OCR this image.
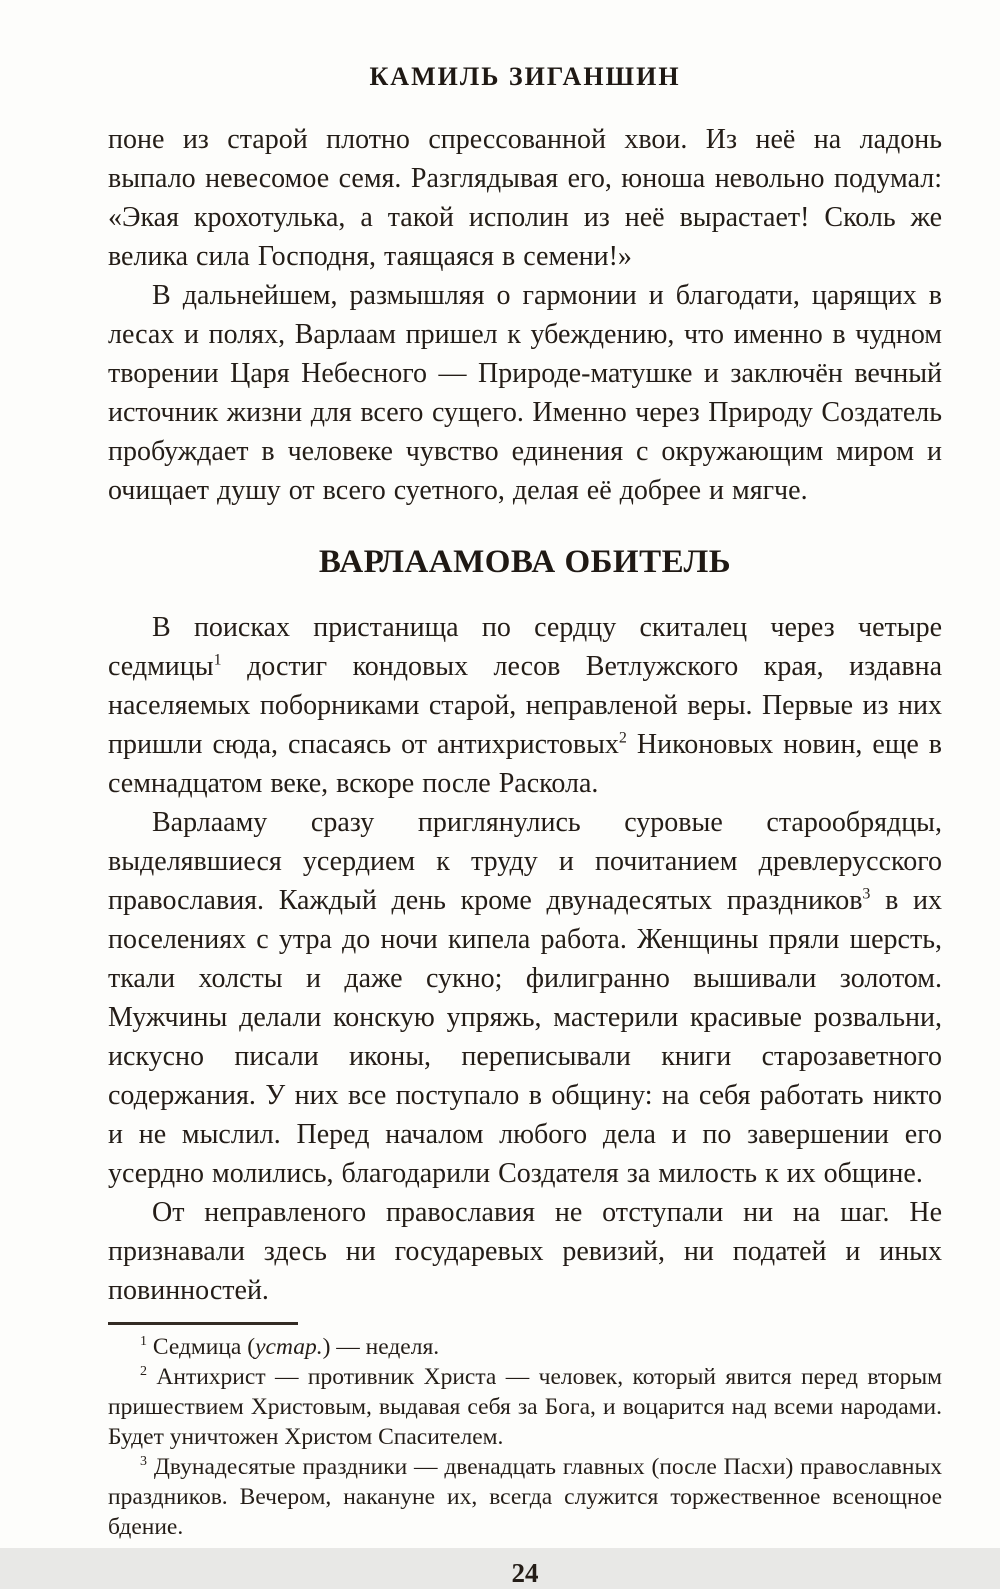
КАМИЛЬ ЗИГАНШИН

поне из старой плотно спрессованной хвои. Из неё на ладонь выпало невесомое семя. Разглядывая его, юноша невольно подумал: «Экая крохотулька, а такой исполин из неё вырастает! Сколь же велика сила Господня, таящаяся в семени!»

В дальнейшем, размышляя о гармонии и благодати, царящих в лесах и полях, Варлаам пришел к убеждению, что именно в чудном творении Царя Небесного — Природе-матушке и заключён вечный источник жизни для всего сущего. Именно через Природу Создатель пробуждает в человеке чувство единения с окружающим миром и очищает душу от всего суетного, делая её добрее и мягче.

ВАРЛААМОВА ОБИТЕЛЬ

В поисках пристанища по сердцу скиталец через четыре седмицы$^1$ достиг кондовых лесов Ветлужского края, издавна населяемых поборниками старой, неправленой веры. Первые из них пришли сюда, спасаясь от антихристовых$^2$ Никоновых новин, еще в семнадцатом веке, вскоре после Раскола.

Варлааму сразу приглянулись суровые старообрядцы, выделявшиеся усердием к труду и почитанием древлерусского православия. Каждый день кроме двунадесятых праздников$^3$ в их поселениях с утра до ночи кипела работа. Женщины пряли шерсть, ткали холсты и даже сукно; филигранно вышивали золотом. Мужчины делали конскую упряжь, мастерили красивые розвальни, искусно писали иконы, переписывали книги старозаветного содержания. У них все поступало в общину: на себя работать никто и не мыслил. Перед началом любого дела и по завершении его усердно молились, благодарили Создателя за милость к их общине.

От неправленого православия не отступали ни на шаг. Не признавали здесь ни государевых ревизий, ни податей и иных повинностей.

$^1$ Седмица (устар.) — неделя.

$^2$ Антихрист — противник Христа — человек, который явится перед вторым пришествием Христовым, выдавая себя за Бога, и воцарится над всеми народами. Будет уничтожен Христом Спасителем.

$^3$ Двунадесятые праздники — двенадцать главных (после Пасхи) православных праздников. Вечером, накануне их, всегда служится торжественное всенощное бдение.

24
